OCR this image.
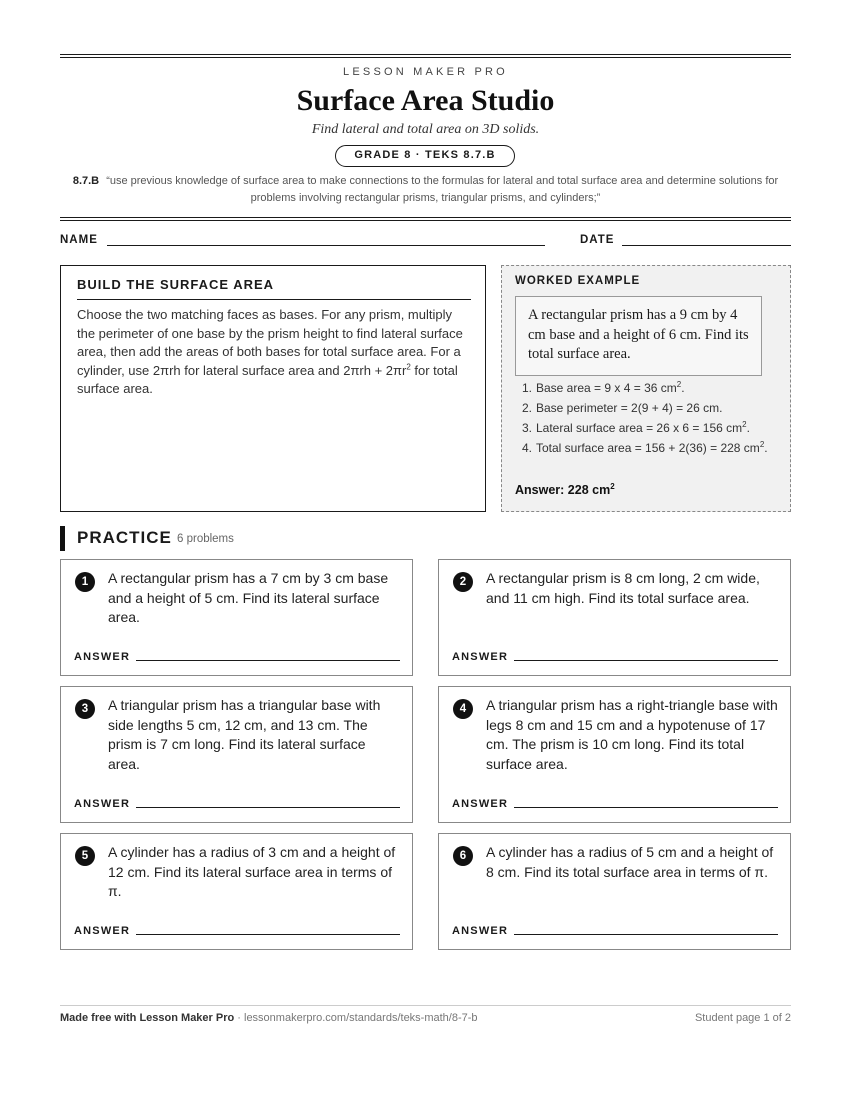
LESSON MAKER PRO
Surface Area Studio
Find lateral and total area on 3D solids.
GRADE 8 · TEKS 8.7.B
8.7.B “use previous knowledge of surface area to make connections to the formulas for lateral and total surface area and determine solutions for problems involving rectangular prisms, triangular prisms, and cylinders;”
NAME	DATE
BUILD THE SURFACE AREA
Choose the two matching faces as bases. For any prism, multiply the perimeter of one base by the prism height to find lateral surface area, then add the areas of both bases for total surface area. For a cylinder, use 2πrh for lateral surface area and $2\pi rh + 2\pi r^2$ for total surface area.
WORKED EXAMPLE
A rectangular prism has a 9 cm by 4 cm base and a height of 6 cm. Find its total surface area.
1. Base area = 9 x 4 = 36 $cm^2$.
2. Base perimeter = 2(9 + 4) = 26 cm.
3. Lateral surface area = 26 x 6 = 156 $cm^2$.
4. Total surface area = 156 + 2(36) = 228 $cm^2$.
Answer: 228 $cm^2$
PRACTICE 6 problems
1	A rectangular prism has a 7 cm by 3 cm base and a height of 5 cm. Find its lateral surface area.
ANSWER
2	A rectangular prism is 8 cm long, 2 cm wide, and 11 cm high. Find its total surface area.
ANSWER
3	A triangular prism has a triangular base with side lengths 5 cm, 12 cm, and 13 cm. The prism is 7 cm long. Find its lateral surface area.
ANSWER
4	A triangular prism has a right-triangle base with legs 8 cm and 15 cm and a hypotenuse of 17 cm. The prism is 10 cm long. Find its total surface area.
ANSWER
5	A cylinder has a radius of 3 cm and a height of 12 cm. Find its lateral surface area in terms of π.
ANSWER
6	A cylinder has a radius of 5 cm and a height of 8 cm. Find its total surface area in terms of π.
ANSWER
Made free with Lesson Maker Pro · lessonmakerpro.com/standards/teks-math/8-7-b	Student page 1 of 2
